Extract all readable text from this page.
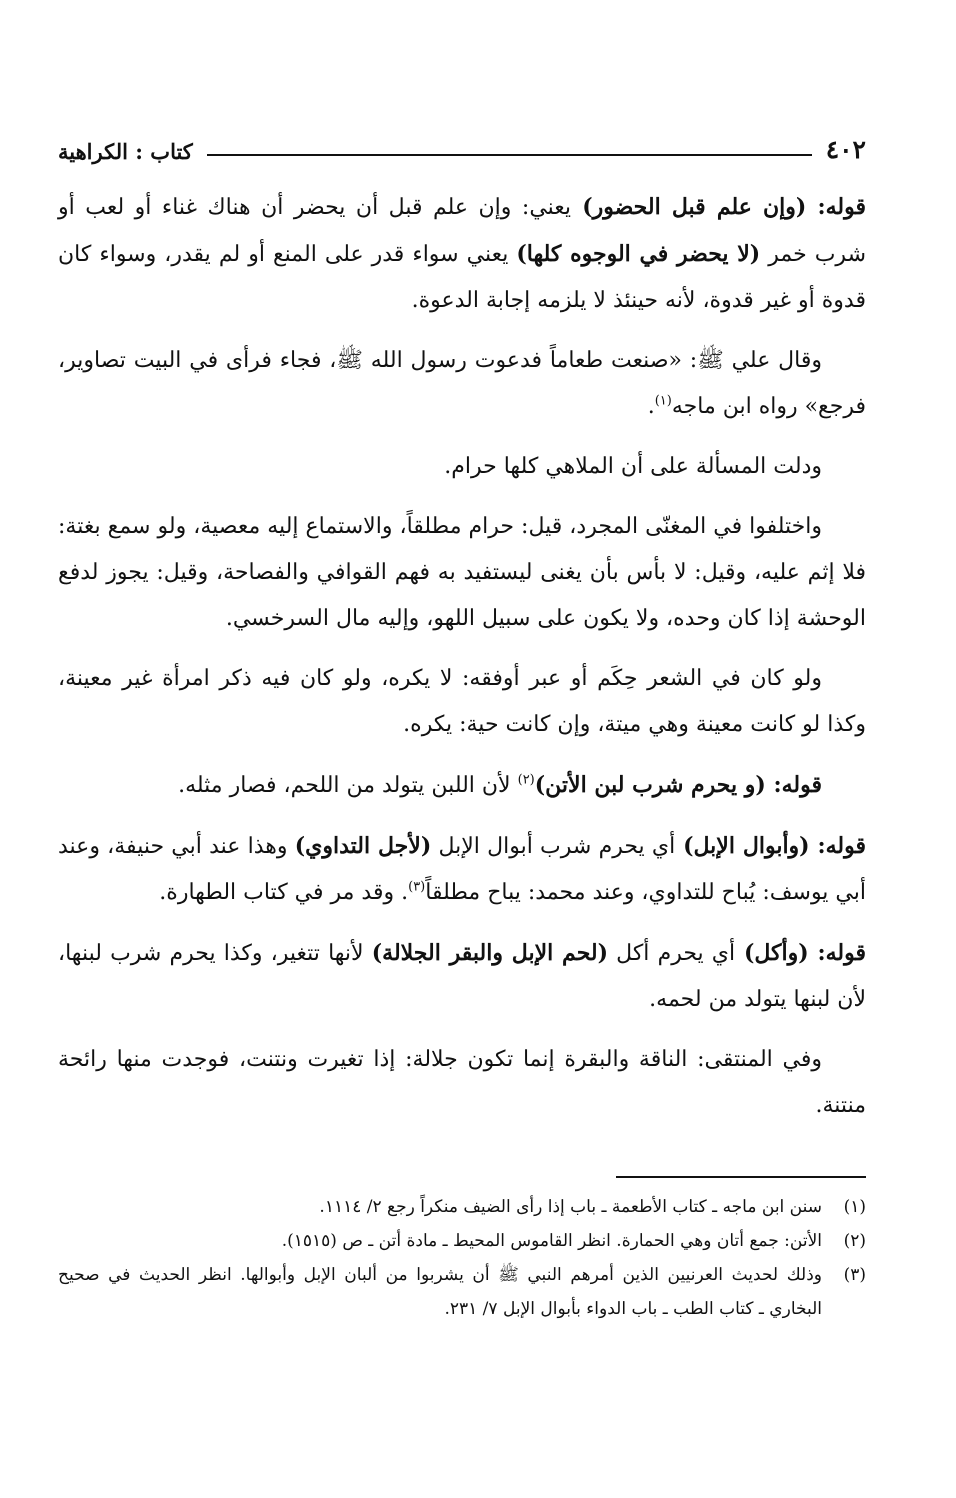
٤٠٢
كتاب : الكراهية

قوله: (وإن علم قبل الحضور) يعني: وإن علم قبل أن يحضر أن هناك غناء أو لعب أو شرب خمر (لا يحضر في الوجوه كلها) يعني سواء قدر على المنع أو لم يقدر، وسواء كان قدوة أو غير قدوة، لأنه حينئذ لا يلزمه إجابة الدعوة.

وقال علي ﷺ: «صنعت طعاماً فدعوت رسول الله ﷺ، فجاء فرأى في البيت تصاوير، فرجع» رواه ابن ماجه$^{(١)}$.

ودلت المسألة على أن الملاهي كلها حرام.

واختلفوا في المغنّى المجرد، قيل: حرام مطلقاً، والاستماع إليه معصية، ولو سمع بغتة: فلا إثم عليه، وقيل: لا بأس بأن يغنى ليستفيد به فهم القوافي والفصاحة، وقيل: يجوز لدفع الوحشة إذا كان وحده، ولا يكون على سبيل اللهو، وإليه مال السرخسي.

ولو كان في الشعر حِكَم أو عبر أوفقه: لا يكره، ولو كان فيه ذكر امرأة غير معينة، وكذا لو كانت معينة وهي ميتة، وإن كانت حية: يكره.

قوله: (و يحرم شرب لبن الأتن)$^{(٢)}$ لأن اللبن يتولد من اللحم، فصار مثله.

قوله: (وأبوال الإبل) أي يحرم شرب أبوال الإبل (لأجل التداوي) وهذا عند أبي حنيفة، وعند أبي يوسف: يُباح للتداوي، وعند محمد: يباح مطلقاً$^{(٣)}$. وقد مر في كتاب الطهارة.

قوله: (وأكل) أي يحرم أكل (لحم الإبل والبقر الجلالة) لأنها تتغير، وكذا يحرم شرب لبنها، لأن لبنها يتولد من لحمه.

وفي المنتقى: الناقة والبقرة إنما تكون جلالة: إذا تغيرت ونتنت، فوجدت منها رائحة منتنة.

(١)
سنن ابن ماجه ـ كتاب الأطعمة ـ باب إذا رأى الضيف منكراً رجع ٢/ ١١١٤.

(٢)
الأتن: جمع أتان وهي الحمارة. انظر القاموس المحيط ـ مادة أتن ـ ص (١٥١٥).

(٣)
وذلك لحديث العرنيين الذين أمرهم النبي ﷺ أن يشربوا من ألبان الإبل وأبوالها. انظر الحديث في صحيح البخاري ـ كتاب الطب ـ باب الدواء بأبوال الإبل ٧/ ٢٣١.
